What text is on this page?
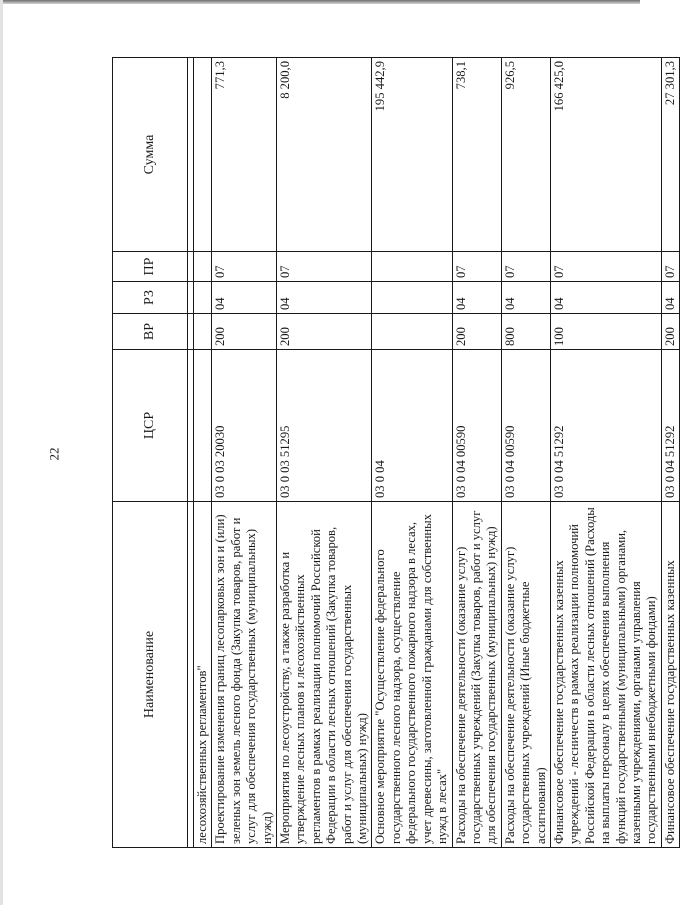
22
Наименование	ЦСР	ВР	РЗ	ПР	Сумма

лесохозяйственных регламентов"					
Проектирование изменения границ лесопарковых зон и (или) зеленых зон земель лесного фонда (Закупка товаров, работ и услуг для обеспечения государственных (муниципальных) нужд)	03 0 03 20030	200	04	07	771,3
Мероприятия по лесоустройству, а также разработка и утверждение лесных планов и лесохозяйственных регламентов в рамках реализации полномочий Российской Федерации в области лесных отношений (Закупка товаров, работ и услуг для обеспечения государственных (муниципальных) нужд)	03 0 03 51295	200	04	07	8 200,0
Основное мероприятие "Осуществление федерального государственного лесного надзора, осуществление федерального государственного пожарного надзора в лесах, учет древесины, заготовленной гражданами для собственных нужд в лесах"	03 0 04				195 442,9
Расходы на обеспечение деятельности (оказание услуг) государственных учреждений (Закупка товаров, работ и услуг для обеспечения государственных (муниципальных) нужд)	03 0 04 00590	200	04	07	738,1
Расходы на обеспечение деятельности (оказание услуг) государственных учреждений (Иные бюджетные ассигнования)	03 0 04 00590	800	04	07	926,5
Финансовое обеспечение государственных казенных учреждений - лесничеств в рамках реализации полномочий Российской Федерации в области лесных отношений (Расходы на выплаты персоналу в целях обеспечения выполнения функций государственными (муниципальными) органами, казенными учреждениями, органами управления государственными внебюджетными фондами)	03 0 04 51292	100	04	07	166 425,0
Финансовое обеспечение государственных казенных	03 0 04 51292	200	04	07	27 301,3
